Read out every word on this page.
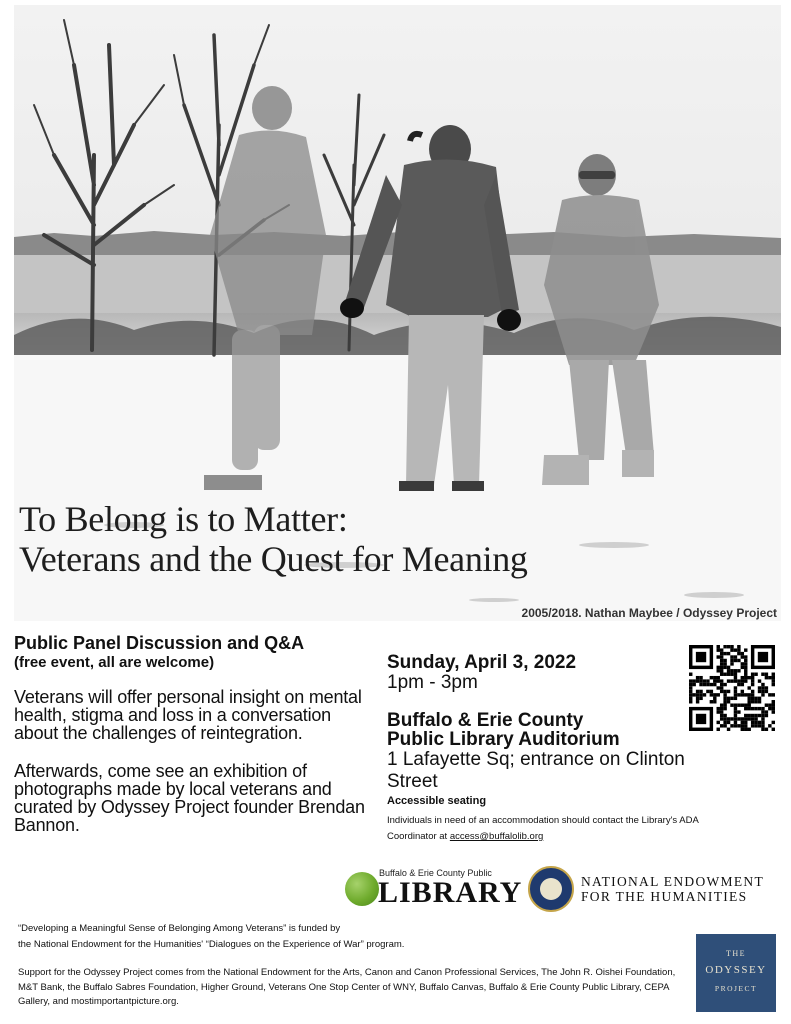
To Belong is to Matter:
Veterans and the Quest for Meaning
2005/2018. Nathan Maybee / Odyssey Project

Public Panel Discussion and Q&A

(free event, all are welcome)

Veterans will offer personal insight on mental health, stigma and loss in a conversation about the challenges of reintegration.

Afterwards, come see an exhibition of photographs made by local veterans and curated by Odyssey Project founder Brendan Bannon.

Sunday, April 3, 2022

1pm - 3pm

Buffalo & Erie County

Public Library Auditorium

1 Lafayette Sq; entrance on Clinton Street

Accessible seating

Individuals in need of an accommodation should contact the Library's ADA Coordinator at access@buffalolib.org

Buffalo & Erie County Public
LIBRARY	NATIONAL ENDOWMENT
FOR THE HUMANITIES

“Developing a Meaningful Sense of Belonging Among Veterans” is funded by

the National Endowment for the Humanities' “Dialogues on the Experience of War” program.

Support for the Odyssey Project comes from the National Endowment for the Arts, Canon and Canon Professional Services, The John R. Oishei Foundation, M&T Bank, the Buffalo Sabres Foundation, Higher Ground, Veterans One Stop Center of WNY, Buffalo Canvas, Buffalo & Erie County Public Library, CEPA Gallery, and mostimportantpicture.org.

THE
ODYSSEY
PROJECT
